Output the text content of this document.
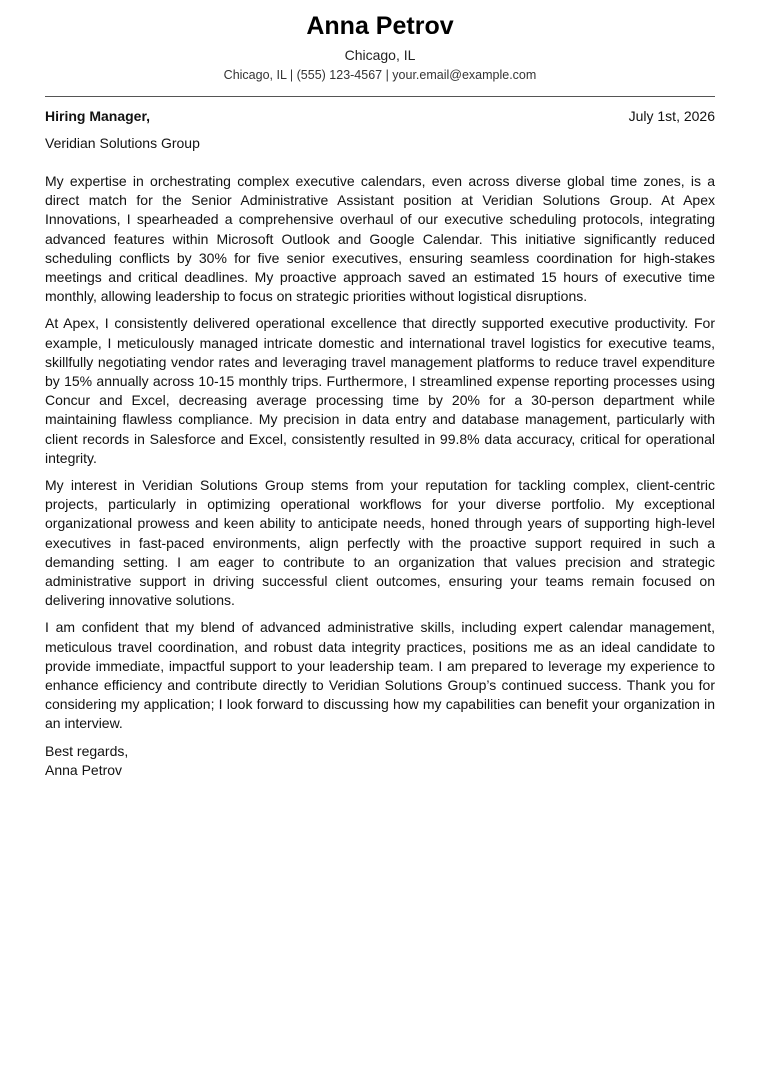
Anna Petrov
Chicago, IL
Chicago, IL | (555) 123-4567 | your.email@example.com
Hiring Manager,	July 1st, 2026
Veridian Solutions Group

My expertise in orchestrating complex executive calendars, even across diverse global time zones, is a direct match for the Senior Administrative Assistant position at Veridian Solutions Group. At Apex Innovations, I spearheaded a comprehensive overhaul of our executive scheduling protocols, integrating advanced features within Microsoft Outlook and Google Calendar. This initiative significantly reduced scheduling conflicts by 30% for five senior executives, ensuring seamless coordination for high-stakes meetings and critical deadlines. My proactive approach saved an estimated 15 hours of executive time monthly, allowing leadership to focus on strategic priorities without logistical disruptions.

At Apex, I consistently delivered operational excellence that directly supported executive productivity. For example, I meticulously managed intricate domestic and international travel logistics for executive teams, skillfully negotiating vendor rates and leveraging travel management platforms to reduce travel expenditure by 15% annually across 10-15 monthly trips. Furthermore, I streamlined expense reporting processes using Concur and Excel, decreasing average processing time by 20% for a 30-person department while maintaining flawless compliance. My precision in data entry and database management, particularly with client records in Salesforce and Excel, consistently resulted in 99.8% data accuracy, critical for operational integrity.

My interest in Veridian Solutions Group stems from your reputation for tackling complex, client-centric projects, particularly in optimizing operational workflows for your diverse portfolio. My exceptional organizational prowess and keen ability to anticipate needs, honed through years of supporting high-level executives in fast-paced environments, align perfectly with the proactive support required in such a demanding setting. I am eager to contribute to an organization that values precision and strategic administrative support in driving successful client outcomes, ensuring your teams remain focused on delivering innovative solutions.

I am confident that my blend of advanced administrative skills, including expert calendar management, meticulous travel coordination, and robust data integrity practices, positions me as an ideal candidate to provide immediate, impactful support to your leadership team. I am prepared to leverage my experience to enhance efficiency and contribute directly to Veridian Solutions Group’s continued success. Thank you for considering my application; I look forward to discussing how my capabilities can benefit your organization in an interview.

Best regards,
Anna Petrov
